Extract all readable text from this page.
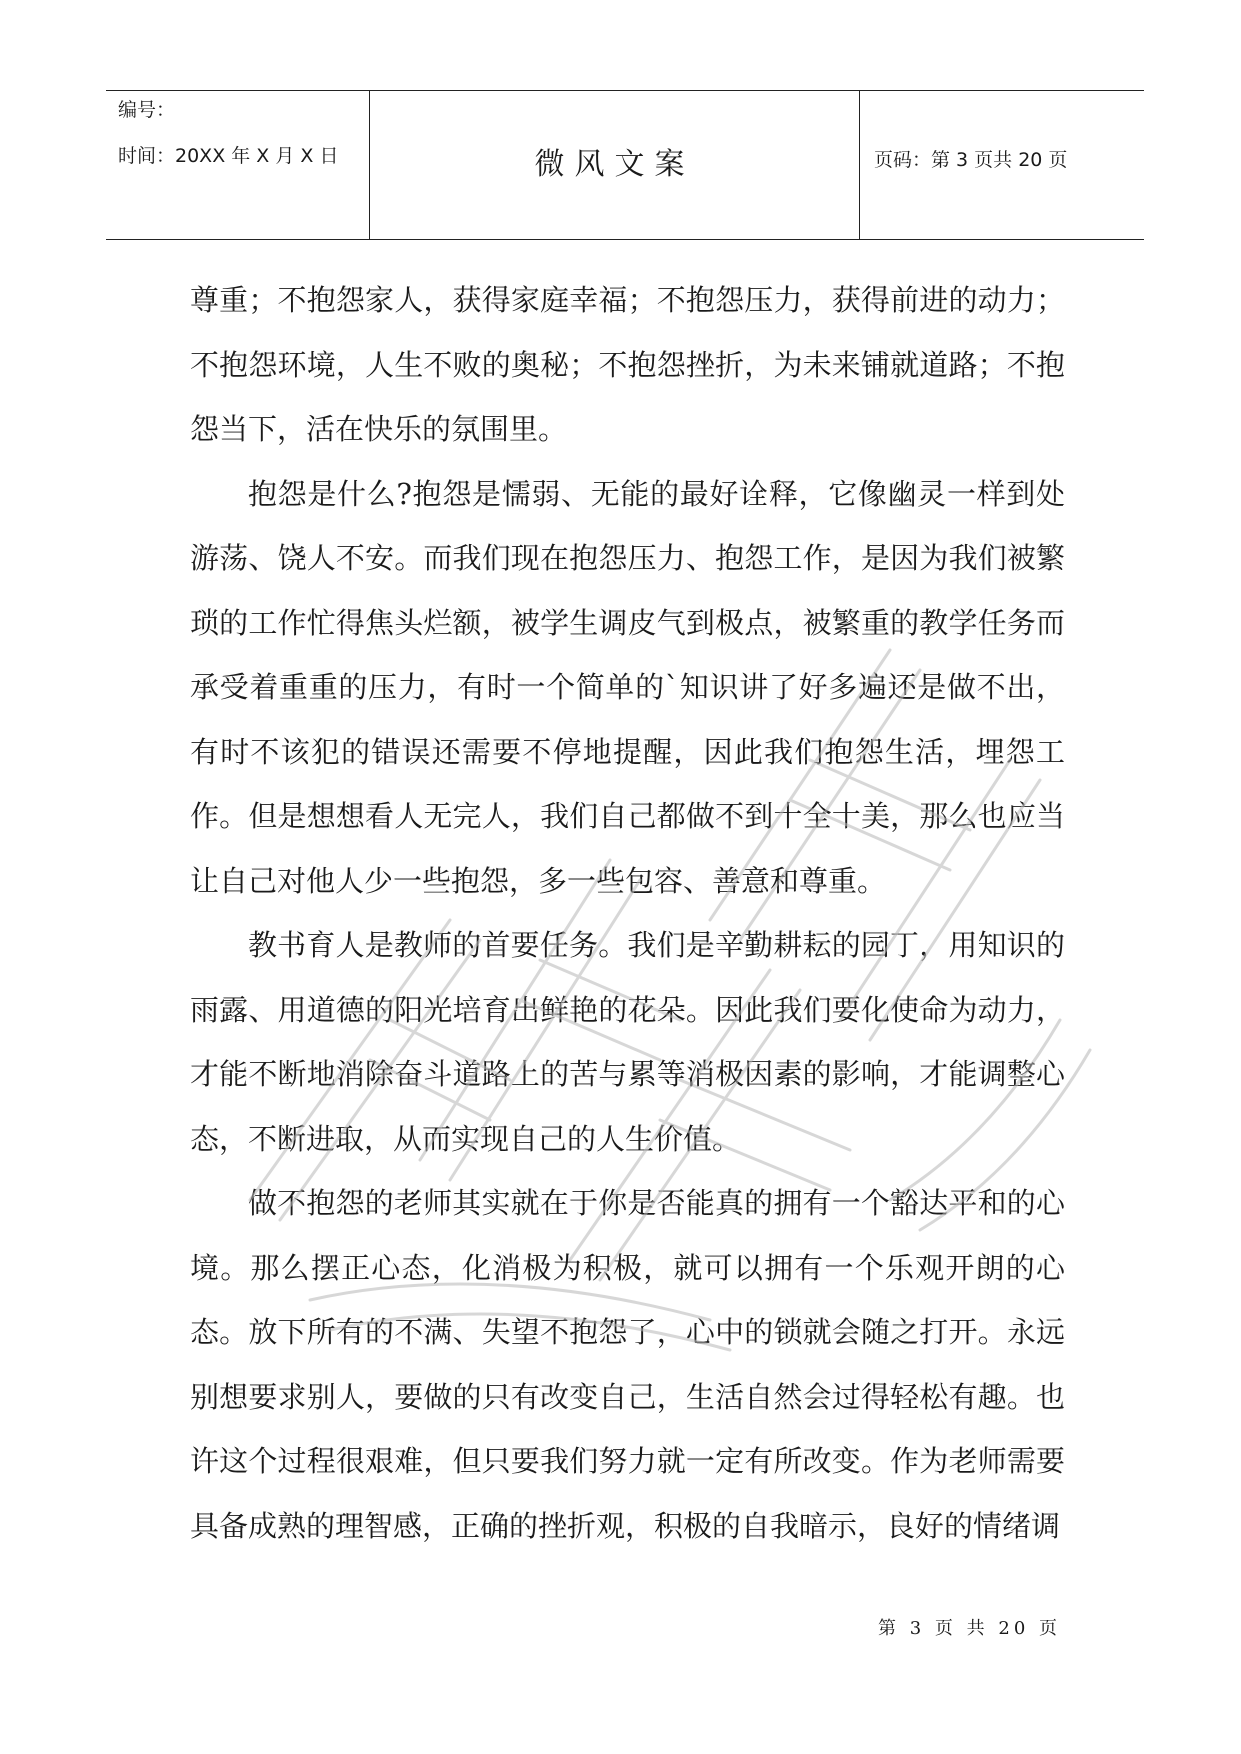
编号：
时间：20XX 年 X 月 X 日	微风文案	页码：第 3 页共 20 页

尊重；不抱怨家人，获得家庭幸福；不抱怨压力，获得前进的动力；不抱怨环境，人生不败的奥秘；不抱怨挫折，为未来铺就道路；不抱怨当下，活在快乐的氛围里。

抱怨是什么?抱怨是懦弱、无能的最好诠释，它像幽灵一样到处游荡、饶人不安。而我们现在抱怨压力、抱怨工作，是因为我们被繁琐的工作忙得焦头烂额，被学生调皮气到极点，被繁重的教学任务而承受着重重的压力，有时一个简单的`知识讲了好多遍还是做不出，有时不该犯的错误还需要不停地提醒，因此我们抱怨生活，埋怨工作。但是想想看人无完人，我们自己都做不到十全十美，那么也应当让自己对他人少一些抱怨，多一些包容、善意和尊重。

教书育人是教师的首要任务。我们是辛勤耕耘的园丁，用知识的雨露、用道德的阳光培育出鲜艳的花朵。因此我们要化使命为动力，才能不断地消除奋斗道路上的苦与累等消极因素的影响，才能调整心态，不断进取，从而实现自己的人生价值。

做不抱怨的老师其实就在于你是否能真的拥有一个豁达平和的心境。那么摆正心态，化消极为积极，就可以拥有一个乐观开朗的心态。放下所有的不满、失望不抱怨了，心中的锁就会随之打开。永远别想要求别人，要做的只有改变自己，生活自然会过得轻松有趣。也许这个过程很艰难，但只要我们努力就一定有所改变。作为老师需要具备成熟的理智感，正确的挫折观，积极的自我暗示，良好的情绪调

第 3 页 共 20 页
